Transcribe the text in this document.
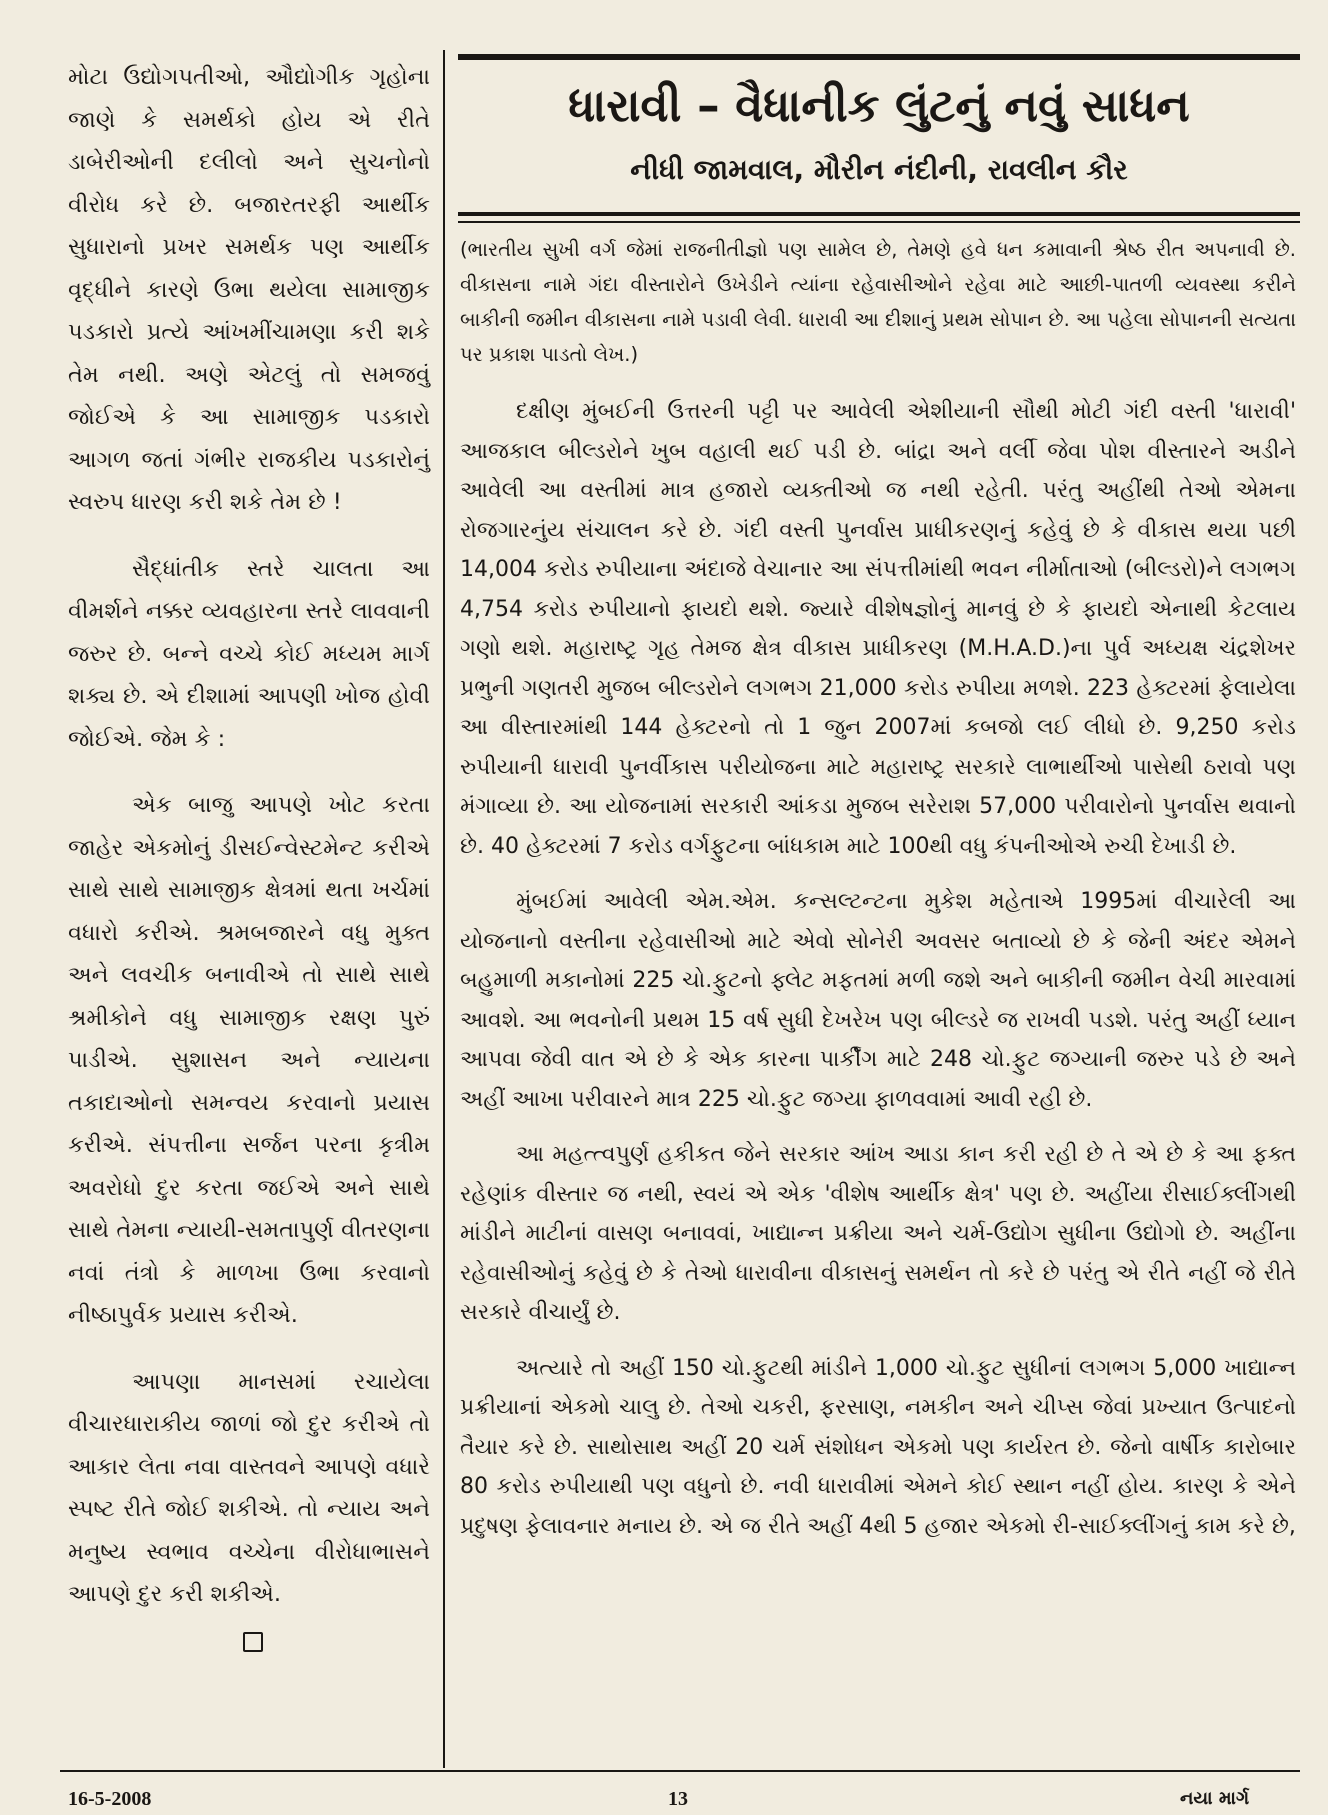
મોટા ઉદ્યોગપતીઓ, ઔદ્યોગીક ગૃહોના જાણે કે સમર્થકો હોય એ રીતે ડાબેરીઓની દલીલો અને સુચનોનો વીરોધ કરે છે. બજારતરફી આર્થીક સુધારાનો પ્રખર સમર્થક પણ આર્થીક વૃદ્ધીને કારણે ઉભા થયેલા સામાજીક પડકારો પ્રત્યે આંખમીંચામણા કરી શકે તેમ નથી. અણે એટલું તો સમજવું જોઈએ કે આ સામાજીક પડકારો આગળ જતાં ગંભીર રાજકીય પડકારોનું સ્વરુપ ધારણ કરી શકે તેમ છે !

સૈદ્ધાંતીક સ્તરે ચાલતા આ વીમર્શને નક્કર વ્યવહારના સ્તરે લાવવાની જરુર છે. બન્ને વચ્ચે કોઈ મધ્યમ માર્ગ શક્ય છે. એ દીશામાં આપણી ખોજ હોવી જોઈએ. જેમ કે :

એક બાજુ આપણે ખોટ કરતા જાહેર એકમોનું ડીસઈન્વેસ્ટમેન્ટ કરીએ સાથે સાથે સામાજીક ક્ષેત્રમાં થતા ખર્ચમાં વધારો કરીએ. શ્રમબજારને વધુ મુક્ત અને લવચીક બનાવીએ તો સાથે સાથે શ્રમીકોને વધુ સામાજીક રક્ષણ પુરું પાડીએ. સુશાસન અને ન્યાયના તકાદાઓનો સમન્વય કરવાનો પ્રયાસ કરીએ. સંપત્તીના સર્જન પરના કૃત્રીમ અવરોધો દુર કરતા જઈએ અને સાથે સાથે તેમના ન્યાયી-સમતાપુર્ણ વીતરણના નવાં તંત્રો કે માળખા ઉભા કરવાનો નીષ્ઠાપુર્વક પ્રયાસ કરીએ.

આપણા માનસમાં રચાયેલા વીચારધારાકીય જાળાં જો દુર કરીએ તો આકાર લેતા નવા વાસ્તવને આપણે વધારે સ્પષ્ટ રીતે જોઈ શકીએ. તો ન્યાય અને મનુષ્ય સ્વભાવ વચ્ચેના વીરોધાભાસને આપણે દુર કરી શકીએ.

ધારાવી – વૈધાનીક લુંટનું નવું સાધન
નીધી જામવાલ, મૌરીન નંદીની, રાવલીન કૌર

(ભારતીય સુખી વર્ગ જેમાં રાજનીતીજ્ઞો પણ સામેલ છે, તેમણે હવે ધન કમાવાની શ્રેષ્ઠ રીત અપનાવી છે. વીકાસના નામે ગંદા વીસ્તારોને ઉખેડીને ત્યાંના રહેવાસીઓને રહેવા માટે આછી-પાતળી વ્યવસ્થા કરીને બાકીની જમીન વીકાસના નામે પડાવી લેવી. ધારાવી આ દીશાનું પ્રથમ સોપાન છે. આ પહેલા સોપાનની સત્યતા પર પ્રકાશ પાડતો લેખ.)

દક્ષીણ મુંબઈની ઉત્તરની પટ્ટી પર આવેલી એશીયાની સૌથી મોટી ગંદી વસ્તી 'ધારાવી' આજકાલ બીલ્ડરોને ખુબ વહાલી થઈ પડી છે. બાંદ્રા અને વર્લી જેવા પોશ વીસ્તારને અડીને આવેલી આ વસ્તીમાં માત્ર હજારો વ્યક્તીઓ જ નથી રહેતી. પરંતુ અહીંથી તેઓ એમના રોજગારનુંય સંચાલન કરે છે. ગંદી વસ્તી પુનર્વાસ પ્રાધીકરણનું કહેવું છે કે વીકાસ થયા પછી 14,004 કરોડ રુપીયાના અંદાજે વેચાનાર આ સંપત્તીમાંથી ભવન નીર્માતાઓ (બીલ્ડરો)ને લગભગ 4,754 કરોડ રુપીયાનો ફાયદો થશે. જ્યારે વીશેષજ્ઞોનું માનવું છે કે ફાયદો એનાથી કેટલાય ગણો થશે. મહારાષ્ટ્ર ગૃહ તેમજ ક્ષેત્ર વીકાસ પ્રાધીકરણ (M.H.A.D.)ના પુર્વ અધ્યક્ષ ચંદ્રશેખર પ્રભુની ગણતરી મુજબ બીલ્ડરોને લગભગ 21,000 કરોડ રુપીયા મળશે. 223 હેક્ટરમાં ફેલાયેલા આ વીસ્તારમાંથી 144 હેક્ટરનો તો 1 જુન 2007માં કબજો લઈ લીધો છે. 9,250 કરોડ રુપીયાની ધારાવી પુનર્વીકાસ પરીયોજના માટે મહારાષ્ટ્ર સરકારે લાભાર્થીઓ પાસેથી ઠરાવો પણ મંગાવ્યા છે. આ યોજનામાં સરકારી આંકડા મુજબ સરેરાશ 57,000 પરીવારોનો પુનર્વાસ થવાનો છે. 40 હેક્ટરમાં 7 કરોડ વર્ગફુટના બાંધકામ માટે 100થી વધુ કંપનીઓએ રુચી દેખાડી છે.

મુંબઈમાં આવેલી એમ.એમ. કન્સલ્ટન્ટના મુકેશ મહેતાએ 1995માં વીચારેલી આ યોજનાનો વસ્તીના રહેવાસીઓ માટે એવો સોનેરી અવસર બતાવ્યો છે કે જેની અંદર એમને બહુમાળી મકાનોમાં 225 ચો.ફુટનો ફ્લેટ મફતમાં મળી જશે અને બાકીની જમીન વેચી મારવામાં આવશે. આ ભવનોની પ્રથમ 15 વર્ષ સુધી દેખરેખ પણ બીલ્ડરે જ રાખવી પડશે. પરંતુ અહીં ધ્યાન આપવા જેવી વાત એ છે કે એક કારના પાર્કીંગ માટે 248 ચો.ફુટ જગ્યાની જરુર પડે છે અને અહીં આખા પરીવારને માત્ર 225 ચો.ફુટ જગ્યા ફાળવવામાં આવી રહી છે.

આ મહત્ત્વપુર્ણ હકીકત જેને સરકાર આંખ આડા કાન કરી રહી છે તે એ છે કે આ ફક્ત રહેણાંક વીસ્તાર જ નથી, સ્વયં એ એક 'વીશેષ આર્થીક ક્ષેત્ર' પણ છે. અહીંયા રીસાઈક્લીંગથી માંડીને માટીનાં વાસણ બનાવવાં, ખાદ્યાન્ન પ્રક્રીયા અને ચર્મ-ઉદ્યોગ સુધીના ઉદ્યોગો છે. અહીંના રહેવાસીઓનું કહેવું છે કે તેઓ ધારાવીના વીકાસનું સમર્થન તો કરે છે પરંતુ એ રીતે નહીં જે રીતે સરકારે વીચાર્યું છે.

અત્યારે તો અહીં 150 ચો.ફુટથી માંડીને 1,000 ચો.ફુટ સુધીનાં લગભગ 5,000 ખાદ્યાન્ન પ્રક્રીયાનાં એકમો ચાલુ છે. તેઓ ચકરી, ફરસાણ, નમકીન અને ચીપ્સ જેવાં પ્રખ્યાત ઉત્પાદનો તૈયાર કરે છે. સાથોસાથ અહીં 20 ચર્મ સંશોધન એકમો પણ કાર્યરત છે. જેનો વાર્ષીક કારોબાર 80 કરોડ રુપીયાથી પણ વધુનો છે. નવી ધારાવીમાં એમને કોઈ સ્થાન નહીં હોય. કારણ કે એને પ્રદુષણ ફેલાવનાર મનાય છે. એ જ રીતે અહીં 4થી 5 હજાર એકમો રી-સાઈક્લીંગનું કામ કરે છે,

16-5-2008	13	નયા માર્ગ
